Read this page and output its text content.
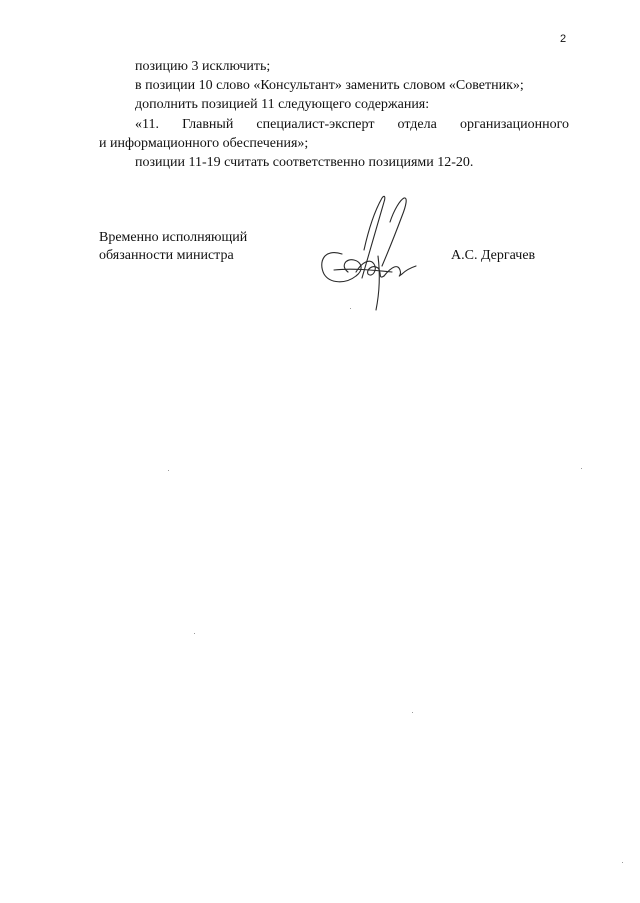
2

позицию 3 исключить;

в позиции 10 слово «Консультант» заменить словом «Советник»;

дополнить позицией 11 следующего содержания:

«11. Главный специалист-эксперт отдела организационного

и информационного обеспечения»;

позиции 11-19 считать соответственно позициями 12-20.

Временно исполняющий
обязанности министра	А.С. Дергачев
